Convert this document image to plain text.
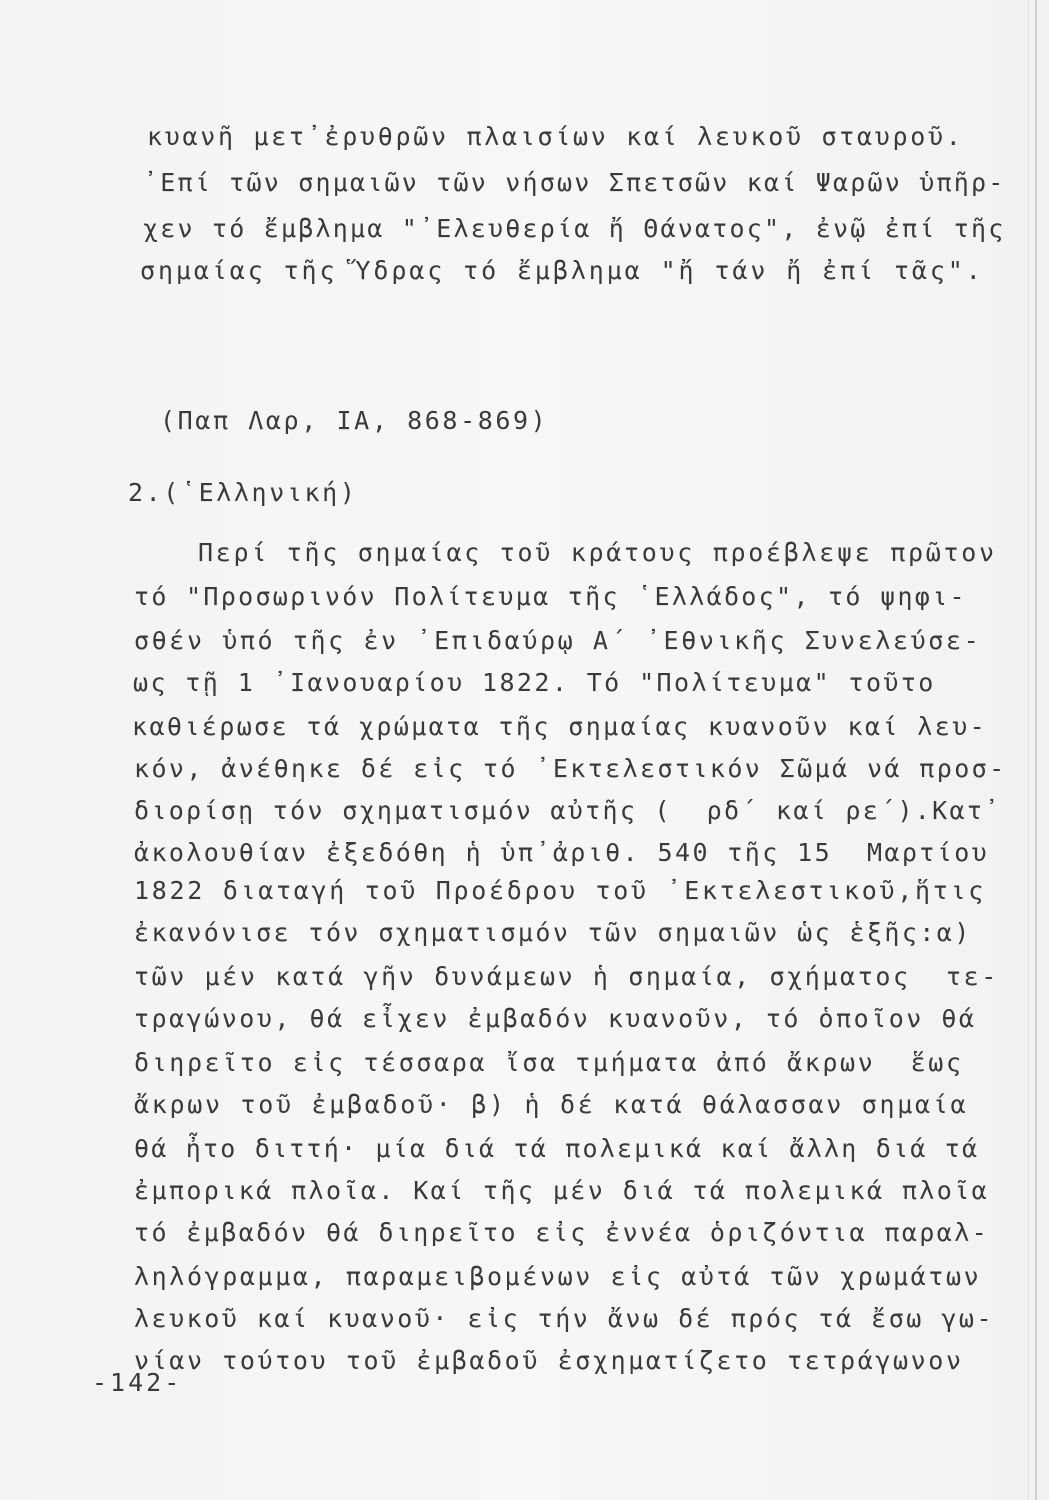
κυανῆ μετ᾽ἐρυθρῶν πλαισίων καί λευκοῦ σταυροῦ.
᾽Επί τῶν σημαιῶν τῶν νήσων Σπετσῶν καί Ψαρῶν ὑπῆρ-
χεν τό ἔμβλημα "᾽Ελευθερία ἤ Θάνατος", ἐνῷ ἐπί τῆς
σημαίας τῆς Ὕδρας τό ἔμβλημα "ἤ τάν ἤ ἐπί τᾶς".
(Παπ Λαρ, ΙΑ, 868-869)
2.(῾Ελληνική)
Περί τῆς σημαίας τοῦ κράτους προέβλεψε πρῶτον
τό "Προσωρινόν Πολίτευμα τῆς ῾Ελλάδος", τό ψηφι-
σθέν ὑπό τῆς ἐν ᾽Επιδαύρῳ Α΄ ᾽Εθνικῆς Συνελεύσε-
ως τῇ 1 ᾽Ιανουαρίου 1822. Τό "Πολίτευμα" τοῦτο
καθιέρωσε τά χρώματα τῆς σημαίας κυανοῦν καί λευ-
κόν, ἀνέθηκε δέ εἰς τό ᾽Εκτελεστικόν Σῶμά νά προσ-
διορίσῃ τόν σχηματισμόν αὐτῆς (  ρδ΄ καί ρε΄).Κατ᾽
ἀκολουθίαν ἐξεδόθη ἡ ὑπ᾽ἀριθ. 540 τῆς 15  Μαρτίου
1822 διαταγή τοῦ Προέδρου τοῦ ᾽Εκτελεστικοῦ,ἥτις
ἐκανόνισε τόν σχηματισμόν τῶν σημαιῶν ὡς ἑξῆς:α)
τῶν μέν κατά γῆν δυνάμεων ἡ σημαία, σχήματος  τε-
τραγώνου, θά εἶχεν ἐμβαδόν κυανοῦν, τό ὁποῖον θά
διηρεῖτο εἰς τέσσαρα ἴσα τμήματα ἀπό ἄκρων  ἕως
ἄκρων τοῦ ἐμβαδοῦ· β) ἡ δέ κατά θάλασσαν σημαία
θά ἦτο διττή· μία διά τά πολεμικά καί ἄλλη διά τά
ἐμπορικά πλοῖα. Καί τῆς μέν διά τά πολεμικά πλοῖα
τό ἐμβαδόν θά διηρεῖτο εἰς ἐννέα ὁριζόντια παραλ-
ληλόγραμμα, παραμειβομένων εἰς αὐτά τῶν χρωμάτων
λευκοῦ καί κυανοῦ· εἰς τήν ἄνω δέ πρός τά ἔσω γω-
νίαν τούτου τοῦ ἐμβαδοῦ ἐσχηματίζετο τετράγωνον
-142-
